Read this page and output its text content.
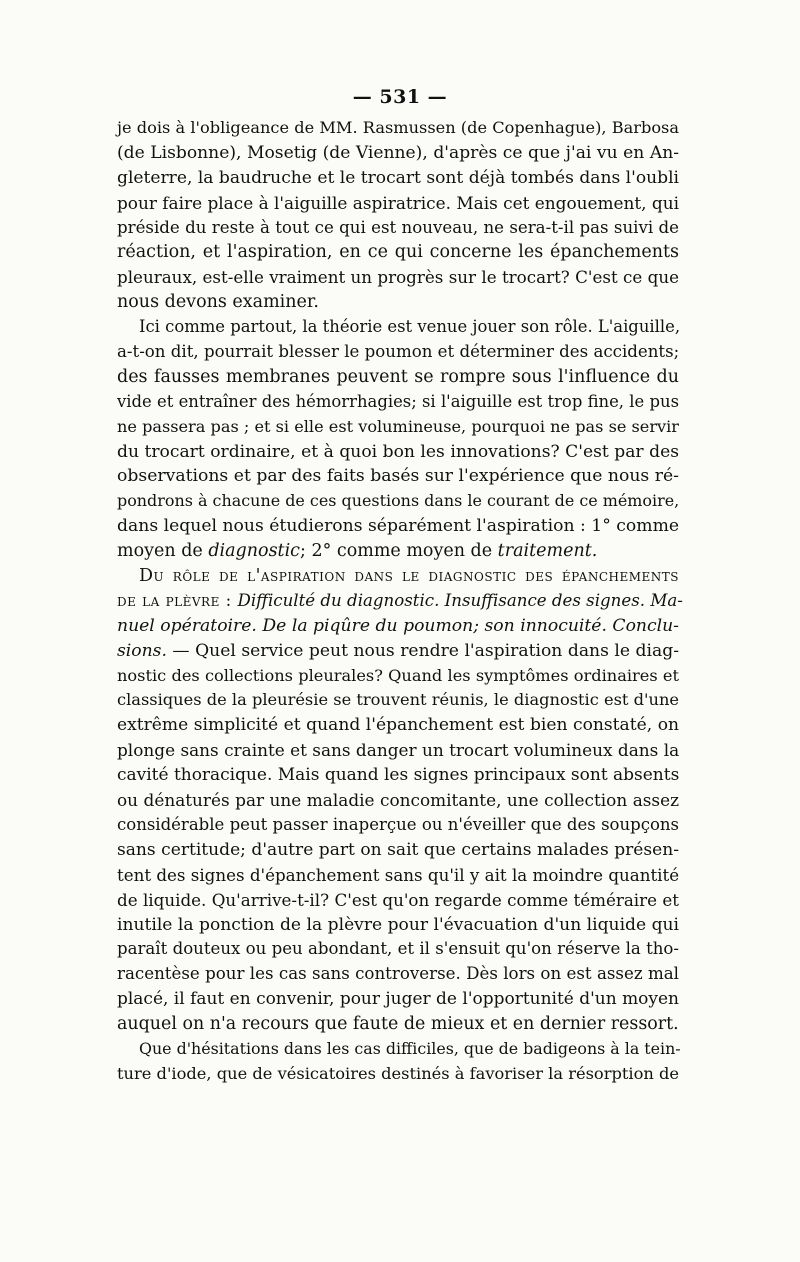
— 531 —
je dois à l'obligeance de MM. Rasmussen (de Copenhague), Barbosa
(de Lisbonne), Mosetig (de Vienne), d'après ce que j'ai vu en An-
gleterre, la baudruche et le trocart sont déjà tombés dans l'oubli
pour faire place à l'aiguille aspiratrice. Mais cet engouement, qui
préside du reste à tout ce qui est nouveau, ne sera-t-il pas suivi de
réaction, et l'aspiration, en ce qui concerne les épanchements
pleuraux, est-elle vraiment un progrès sur le trocart? C'est ce que
nous devons examiner.
Ici comme partout, la théorie est venue jouer son rôle. L'aiguille,
a-t-on dit, pourrait blesser le poumon et déterminer des accidents;
des fausses membranes peuvent se rompre sous l'influence du
vide et entraîner des hémorrhagies; si l'aiguille est trop fine, le pus
ne passera pas ; et si elle est volumineuse, pourquoi ne pas se servir
du trocart ordinaire, et à quoi bon les innovations? C'est par des
observations et par des faits basés sur l'expérience que nous ré-
pondrons à chacune de ces questions dans le courant de ce mémoire,
dans lequel nous étudierons séparément l'aspiration : 1° comme
moyen de diagnostic; 2° comme moyen de traitement.
Du rôle de l'aspiration dans le diagnostic des épanchements
de la plèvre : Difficulté du diagnostic. Insuffisance des signes. Ma-
nuel opératoire. De la piqûre du poumon; son innocuité. Conclu-
sions. — Quel service peut nous rendre l'aspiration dans le diag-
nostic des collections pleurales? Quand les symptômes ordinaires et
classiques de la pleurésie se trouvent réunis, le diagnostic est d'une
extrême simplicité et quand l'épanchement est bien constaté, on
plonge sans crainte et sans danger un trocart volumineux dans la
cavité thoracique. Mais quand les signes principaux sont absents
ou dénaturés par une maladie concomitante, une collection assez
considérable peut passer inaperçue ou n'éveiller que des soupçons
sans certitude; d'autre part on sait que certains malades présen-
tent des signes d'épanchement sans qu'il y ait la moindre quantité
de liquide. Qu'arrive-t-il? C'est qu'on regarde comme téméraire et
inutile la ponction de la plèvre pour l'évacuation d'un liquide qui
paraît douteux ou peu abondant, et il s'ensuit qu'on réserve la tho-
racentèse pour les cas sans controverse. Dès lors on est assez mal
placé, il faut en convenir, pour juger de l'opportunité d'un moyen
auquel on n'a recours que faute de mieux et en dernier ressort.
Que d'hésitations dans les cas difficiles, que de badigeons à la tein-
ture d'iode, que de vésicatoires destinés à favoriser la résorption de
